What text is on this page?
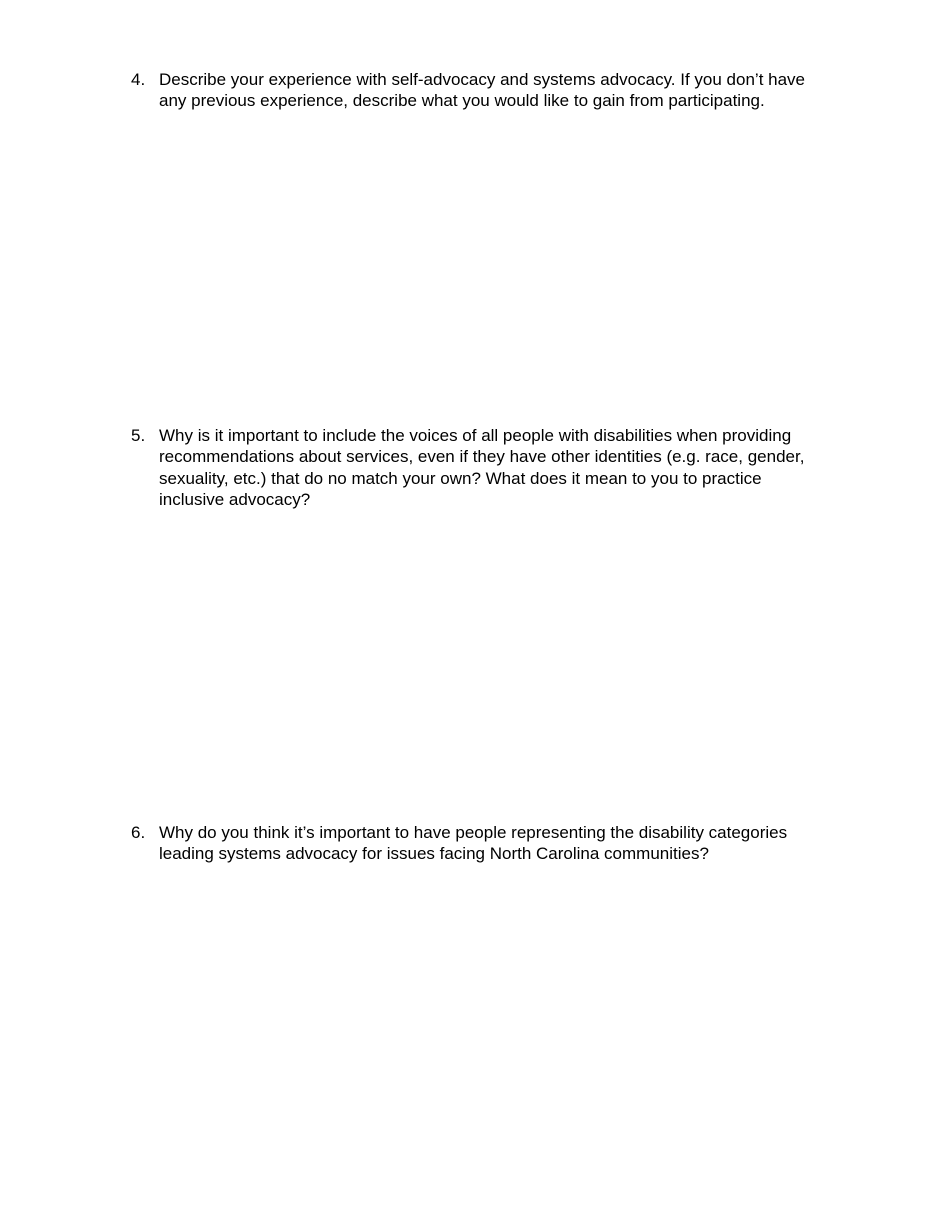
4. Describe your experience with self-advocacy and systems advocacy. If you don’t have
any previous experience, describe what you would like to gain from participating.
5. Why is it important to include the voices of all people with disabilities when providing
recommendations about services, even if they have other identities (e.g. race, gender,
sexuality, etc.) that do no match your own? What does it mean to you to practice
inclusive advocacy?
6. Why do you think it’s important to have people representing the disability categories
leading systems advocacy for issues facing North Carolina communities?
